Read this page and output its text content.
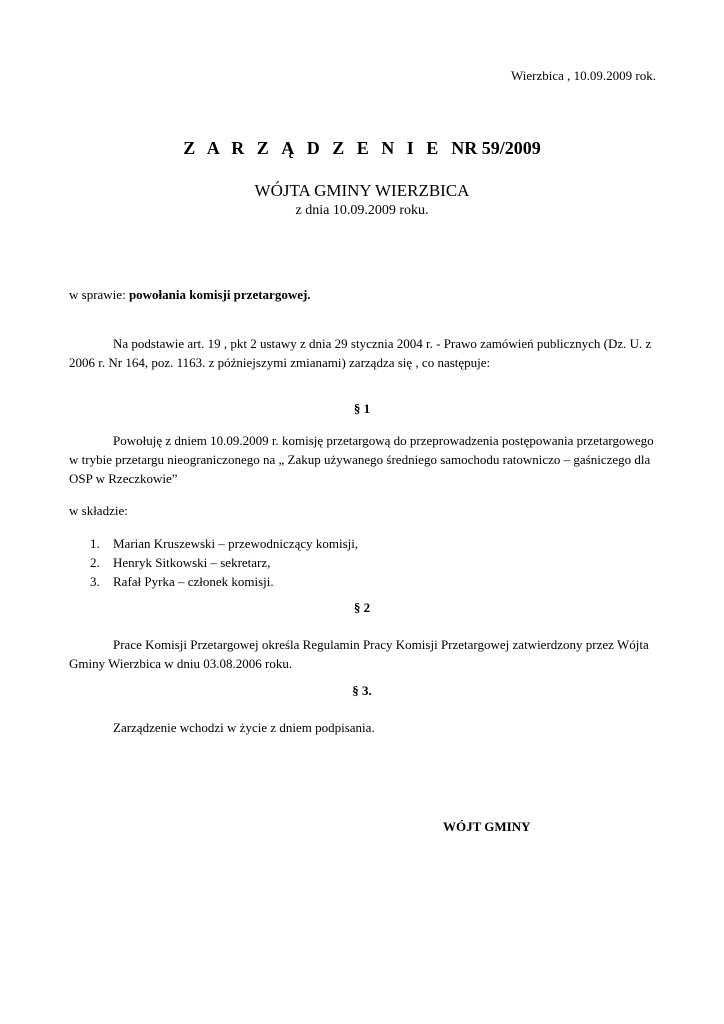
Wierzbica , 10.09.2009 rok.
Z A R Z Ą D Z E N I E NR 59/2009
WÓJTA GMINY WIERZBICA
z dnia 10.09.2009 roku.
w sprawie: powołania komisji przetargowej.
Na podstawie art. 19 , pkt 2 ustawy z dnia 29 stycznia 2004 r. - Prawo zamówień publicznych (Dz. U. z 2006 r. Nr 164, poz. 1163. z późniejszymi zmianami) zarządza się , co następuje:
§ 1
Powołuję z dniem 10.09.2009 r. komisję przetargową do przeprowadzenia postępowania przetargowego w trybie przetargu nieograniczonego na „ Zakup używanego średniego samochodu ratowniczo – gaśniczego dla OSP w Rzeczkowie”
w składzie:
1. Marian Kruszewski – przewodniczący komisji,
2. Henryk Sitkowski – sekretarz,
3. Rafał Pyrka – członek komisji.
§ 2
Prace Komisji Przetargowej określa Regulamin Pracy Komisji Przetargowej zatwierdzony przez Wójta Gminy Wierzbica w dniu 03.08.2006 roku.
§ 3.
Zarządzenie wchodzi w życie z dniem podpisania.
WÓJT GMINY
